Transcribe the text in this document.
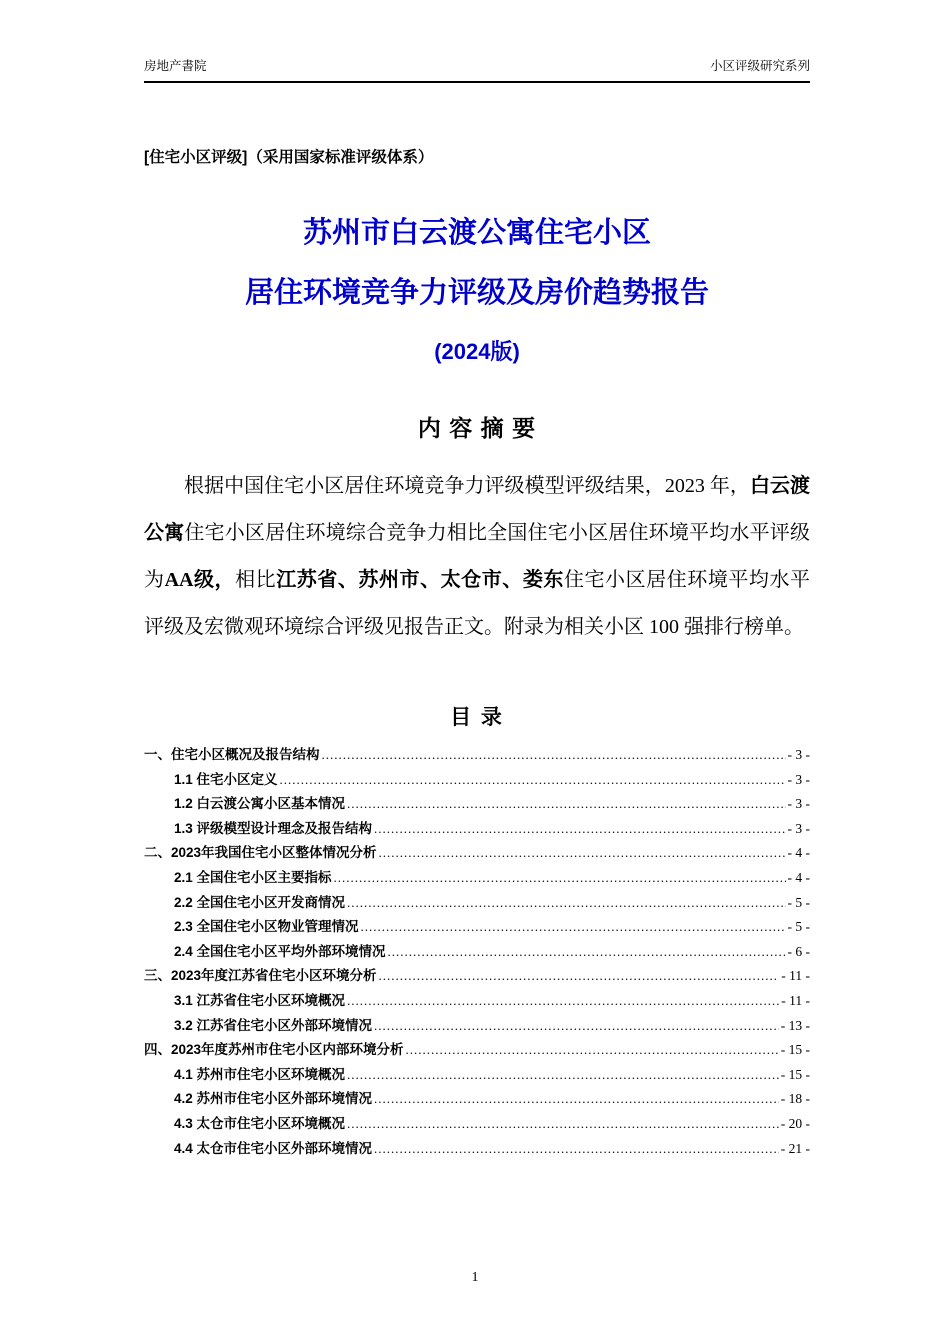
房地产書院	小区评级研究系列

[住宅小区评级]（采用国家标准评级体系）

苏州市白云渡公寓住宅小区
居住环境竞争力评级及房价趋势报告
(2024版)
内 容 摘 要

根据中国住宅小区居住环境竞争力评级模型评级结果，2023 年，白云渡公寓住宅小区居住环境综合竞争力相比全国住宅小区居住环境平均水平评级为AA级，相比江苏省、苏州市、太仓市、娄东住宅小区居住环境平均水平评级及宏微观环境综合评级见报告正文。附录为相关小区 100 强排行榜单。

目 录
一、住宅小区概况及报告结构 .....	- 3 -
1.1 住宅小区定义 .....	- 3 -
1.2 白云渡公寓小区基本情况 .....	- 3 -
1.3 评级模型设计理念及报告结构 .....	- 3 -
二、2023年我国住宅小区整体情况分析 .....	- 4 -
2.1 全国住宅小区主要指标 .....	- 4 -
2.2 全国住宅小区开发商情况 .....	- 5 -
2.3 全国住宅小区物业管理情况 .....	- 5 -
2.4 全国住宅小区平均外部环境情况 .....	- 6 -
三、2023年度江苏省住宅小区环境分析 .....	- 11 -
3.1 江苏省住宅小区环境概况 .....	- 11 -
3.2 江苏省住宅小区外部环境情况 .....	- 13 -
四、2023年度苏州市住宅小区内部环境分析 .....	- 15 -
4.1 苏州市住宅小区环境概况 .....	- 15 -
4.2 苏州市住宅小区外部环境情况 .....	- 18 -
4.3 太仓市住宅小区环境概况 .....	- 20 -
4.4 太仓市住宅小区外部环境情况 .....	- 21 -
1
